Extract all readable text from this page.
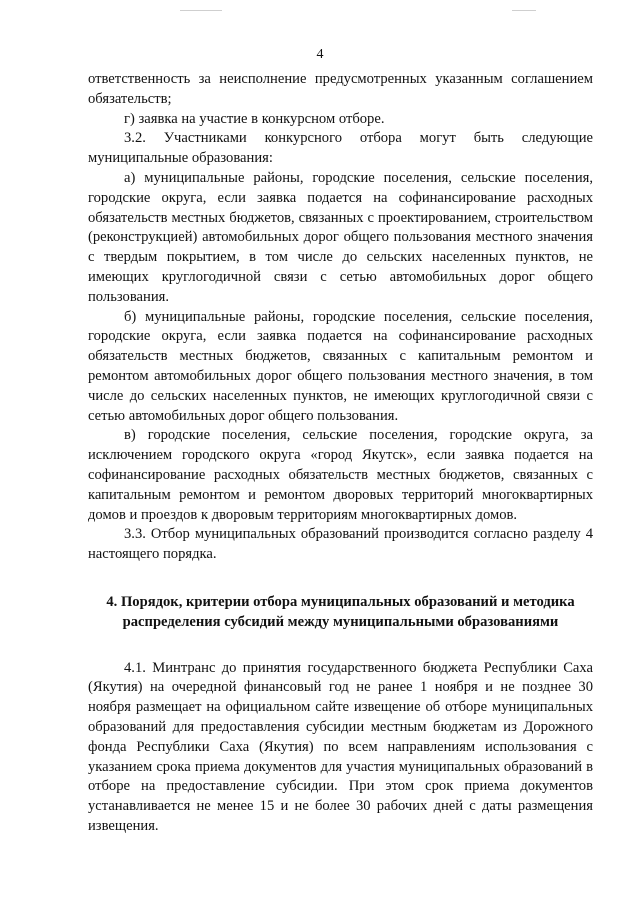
4

ответственность за неисполнение предусмотренных указанным соглашением обязательств;

г) заявка на участие в конкурсном отборе.

3.2. Участниками конкурсного отбора могут быть следующие муниципальные образования:

а) муниципальные районы, городские поселения, сельские поселения, городские округа, если заявка подается на софинансирование расходных обязательств местных бюджетов, связанных с проектированием, строительством (реконструкцией) автомобильных дорог общего пользования местного значения с твердым покрытием, в том числе до сельских населенных пунктов, не имеющих круглогодичной связи с сетью автомобильных дорог общего пользования.

б) муниципальные районы, городские поселения, сельские поселения, городские округа, если заявка подается на софинансирование расходных обязательств местных бюджетов, связанных с капитальным ремонтом и ремонтом автомобильных дорог общего пользования местного значения, в том числе до сельских населенных пунктов, не имеющих круглогодичной связи с сетью автомобильных дорог общего пользования.

в) городские поселения, сельские поселения, городские округа, за исключением городского округа «город Якутск», если заявка подается на софинансирование расходных обязательств местных бюджетов, связанных с капитальным ремонтом и ремонтом дворовых территорий многоквартирных домов и проездов к дворовым территориям многоквартирных домов.

3.3. Отбор муниципальных образований производится согласно разделу 4 настоящего порядка.

4. Порядок, критерии отбора муниципальных образований и методика распределения субсидий между муниципальными образованиями

4.1. Минтранс до принятия государственного бюджета Республики Саха (Якутия) на очередной финансовый год не ранее 1 ноября и не позднее 30 ноября размещает на официальном сайте извещение об отборе муниципальных образований для предоставления субсидии местным бюджетам из Дорожного фонда Республики Саха (Якутия) по всем направлениям использования с указанием срока приема документов для участия муниципальных образований в отборе на предоставление субсидии. При этом срок приема документов устанавливается не менее 15 и не более 30 рабочих дней с даты размещения извещения.
